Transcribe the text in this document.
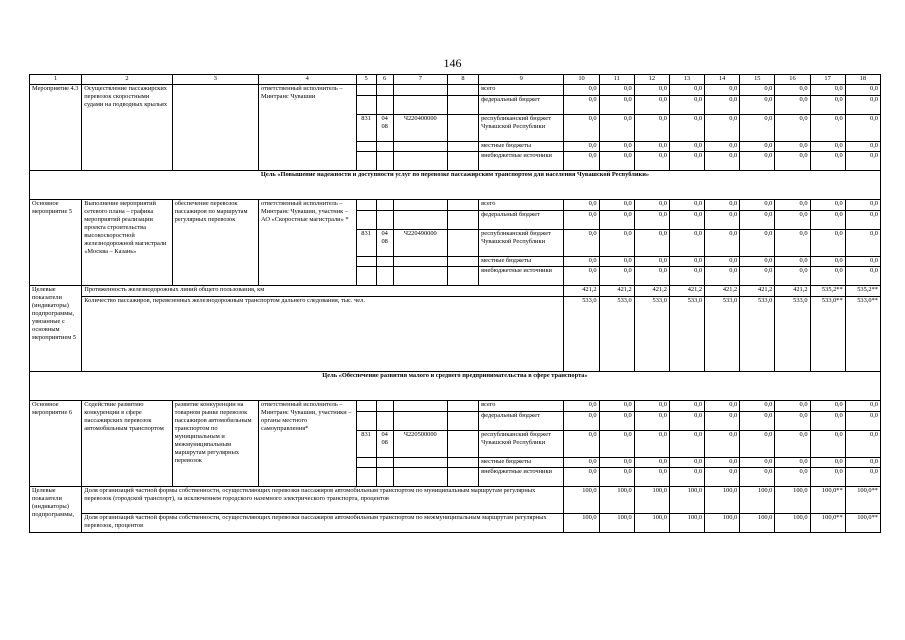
146
1	2	3	4	5	6	7	8	9	10	11	12	13	14	15	16	17	18
Мероприятие 4.3	Осуществление пассажирских перевозок скоростными судами на подводных крыльях		ответственный исполнитель – Минтранс Чувашии					всего	0,0	0,0	0,0	0,0	0,0	0,0	0,0	0,0	0,0
								федеральный бюджет	0,0	0,0	0,0	0,0	0,0	0,0	0,0	0,0	0,0
				831	04 08	Ч220400000		республиканский бюджет Чувашской Республики	0,0	0,0	0,0	0,0	0,0	0,0	0,0	0,0	0,0
								местные бюджеты	0,0	0,0	0,0	0,0	0,0	0,0	0,0	0,0	0,0
								внебюджетные источники	0,0	0,0	0,0	0,0	0,0	0,0	0,0	0,0	0,0
Цель «Повышение надежности и доступности услуг по перевозке пассажирским транспортом для населения Чувашской Республики»																	
Основное мероприятие 5	Выполнение мероприятий сетевого плана – графика мероприятий реализации проекта строительства высокоскоростной железнодорожной магистрали «Москва – Казань»	обеспечение перевозок пассажиров по маршрутам регулярных перевозок	ответственный исполнитель – Минтранс Чувашии, участник – АО «Скоростные магистрали» *					всего	0,0	0,0	0,0	0,0	0,0	0,0	0,0	0,0	0,0
								федеральный бюджет	0,0	0,0	0,0	0,0	0,0	0,0	0,0	0,0	0,0
				831	04 08	Ч220490000		республиканский бюджет Чувашской Республики	0,0	0,0	0,0	0,0	0,0	0,0	0,0	0,0	0,0
								местные бюджеты	0,0	0,0	0,0	0,0	0,0	0,0	0,0	0,0	0,0
								внебюджетные источники	0,0	0,0	0,0	0,0	0,0	0,0	0,0	0,0	0,0
Целевые показатели (индикаторы) подпрограммы, увязанные с основным мероприятием 5	Протяженность железнодорожных линий общего пользования, км								421,2	421,2	421,2	421,2	421,2	421,2	421,2	535,2**	535,2**
	Количество пассажиров, перевезенных железнодорожным транспортом дальнего следования, тыс. чел.								533,0	533,0	533,0	533,0	533,0	533,0	533,0	533,0**	533,0**
Цель «Обеспечение развития малого и среднего предпринимательства в сфере транспорта»																	
Основное мероприятие 6	Содействие развитию конкуренции в сфере пассажирских перевозок автомобильным транспортом	развитие конкуренции на товарном рынке перевозок пассажиров автомобильным транспортом по муниципальным и межмуниципальным маршрутам регулярных перевозок	ответственный исполнитель – Минтранс Чувашии, участники – органы местного самоуправления*					всего	0,0	0,0	0,0	0,0	0,0	0,0	0,0	0,0	0,0
								федеральный бюджет	0,0	0,0	0,0	0,0	0,0	0,0	0,0	0,0	0,0
				831	04 08	Ч220500000		республиканский бюджет Чувашской Республики	0,0	0,0	0,0	0,0	0,0	0,0	0,0	0,0	0,0
								местные бюджеты	0,0	0,0	0,0	0,0	0,0	0,0	0,0	0,0	0,0
								внебюджетные источники	0,0	0,0	0,0	0,0	0,0	0,0	0,0	0,0	0,0
Целевые показатели (индикаторы) подпрограммы,	Доля организаций частной формы собственности, осуществляющих перевозки пассажиров автомобильным транспортом по муниципальным маршрутам регулярных перевозок (городской транспорт), за исключением городского наземного электрического транспорта, процентов								100,0	100,0	100,0	100,0	100,0	100,0	100,0	100,0**	100,0**
	Доля организаций частной формы собственности, осуществляющих перевозки пассажиров автомобильным транспортом по межмуниципальным маршрутам регулярных перевозок, процентов								100,0	100,0	100,0	100,0	100,0	100,0	100,0	100,0**	100,0**
